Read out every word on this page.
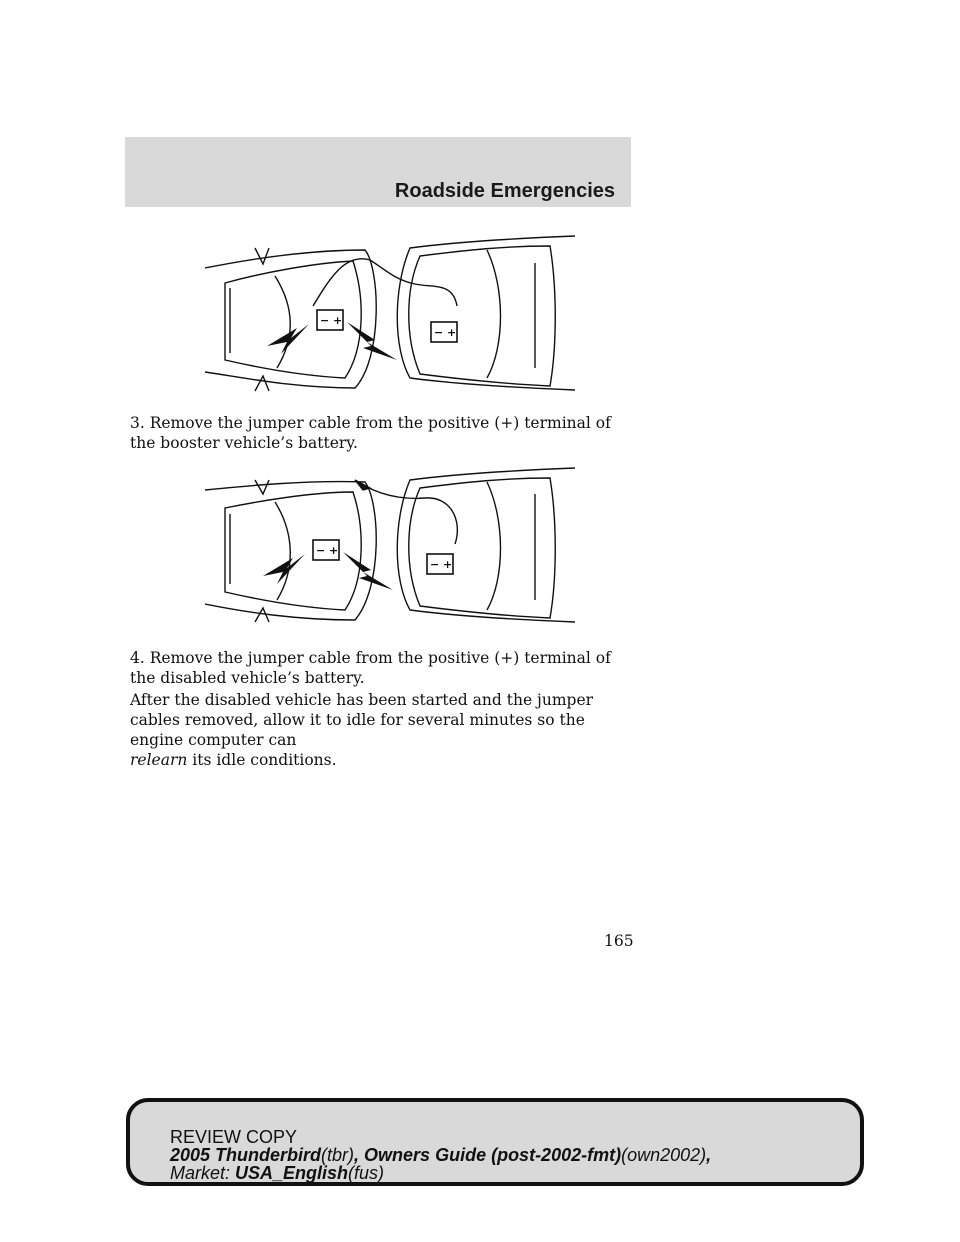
Roadside Emergencies
− +
− +

3. Remove the jumper cable from the positive (+) terminal of the booster vehicle’s battery.

− +
− +

4. Remove the jumper cable from the positive (+) terminal of the disabled vehicle’s battery.

After the disabled vehicle has been started and the jumper cables removed, allow it to idle for several minutes so the engine computer can
relearn its idle conditions.

165
REVIEW COPY
2005 Thunderbird(tbr), Owners Guide (post-2002-fmt)(own2002),
Market: USA_English(fus)
